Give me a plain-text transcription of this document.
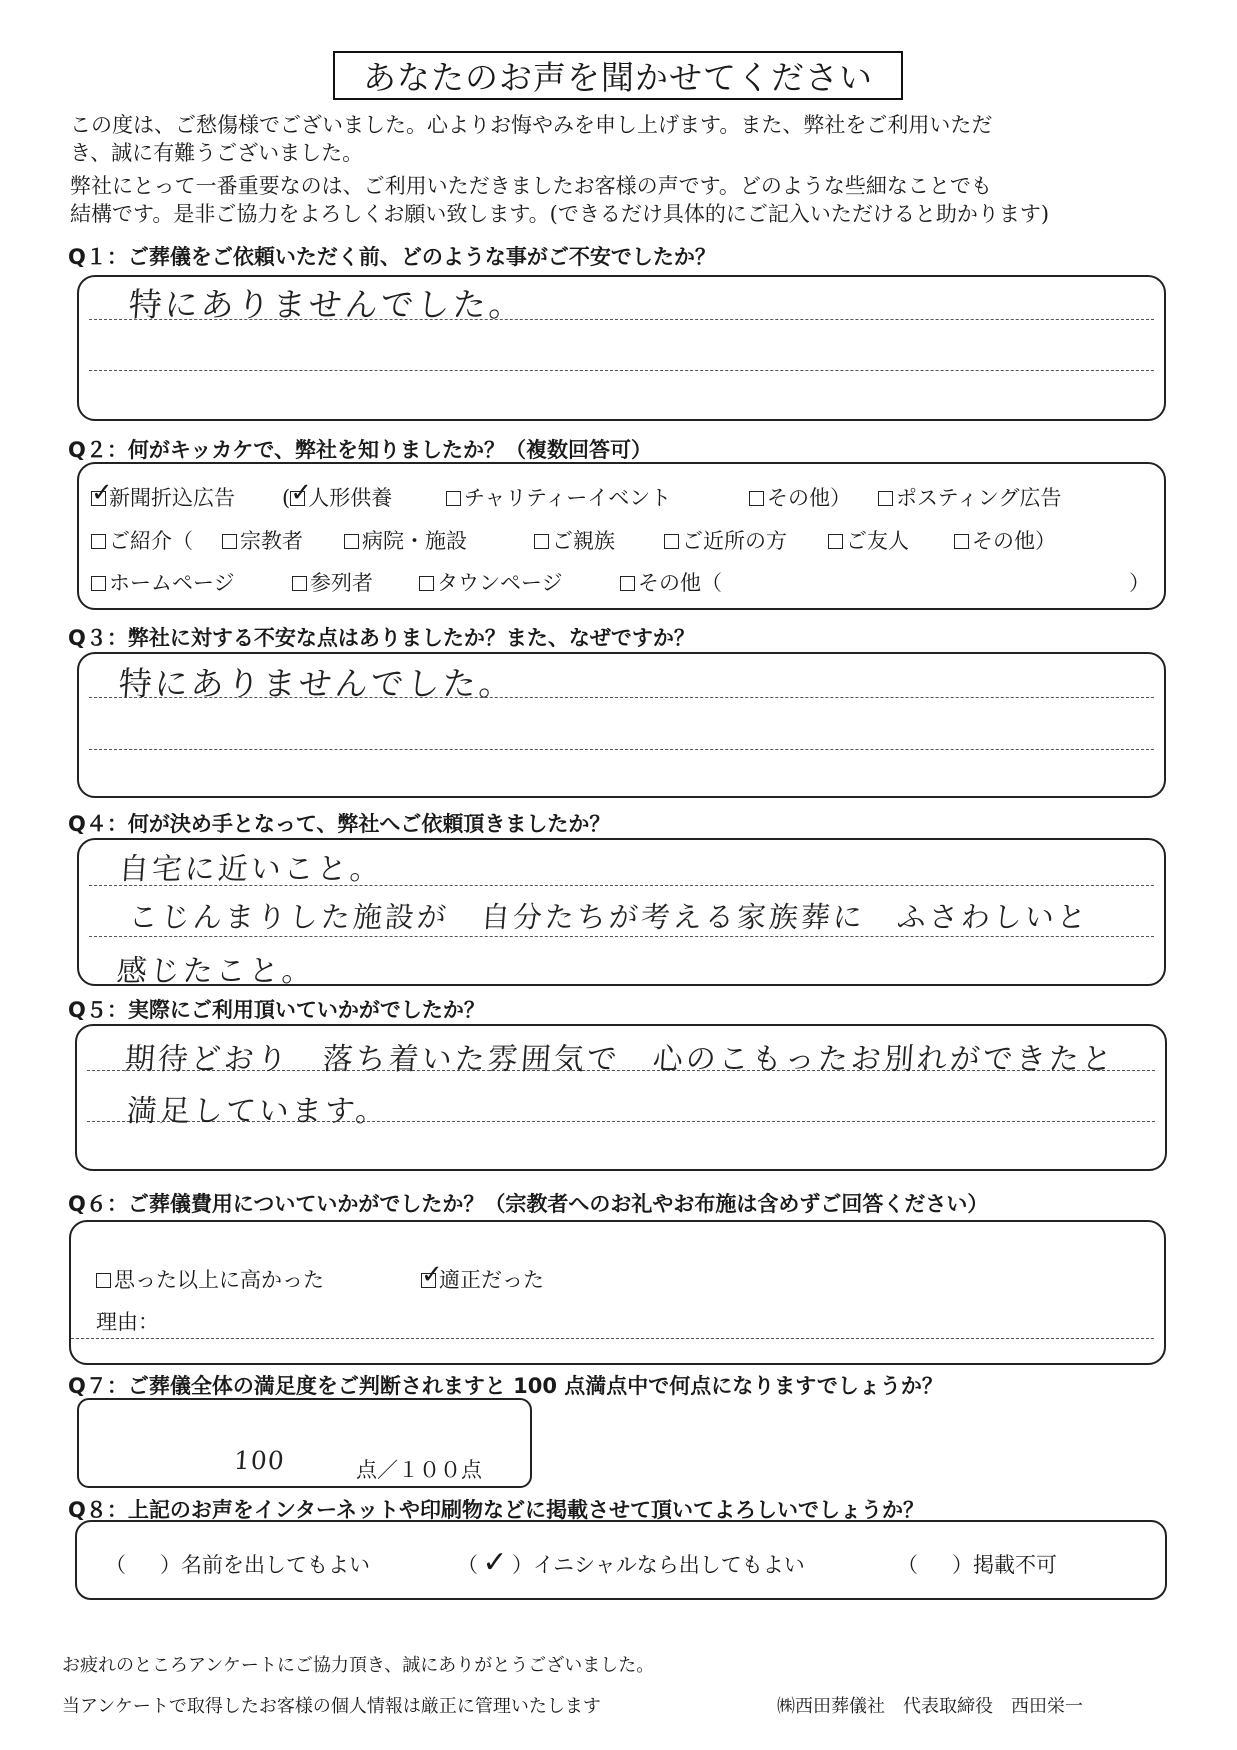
あなたのお声を聞かせてください
この度は、ご愁傷様でございました。心よりお悔やみを申し上げます。また、弊社をご利用いただ
き、誠に有難うございました。
弊社にとって一番重要なのは、ご利用いただきましたお客様の声です。どのような些細なことでも
結構です。是非ご協力をよろしくお願い致します。(できるだけ具体的にご記入いただけると助かります)
Q１：ご葬儀をご依頼いただく前、どのような事がご不安でしたか？
特にありませんでした。
Q２：何がキッカケで、弊社を知りましたか？（複数回答可）
✓
新聞折込広告 ( ✓
人形供養	チャリティーイベント	その他）	ポスティング広告
ご紹介（	宗教者	病院・施設	ご親族	ご近所の方	ご友人	その他）
ホームページ	参列者	タウンページ	その他（	）
Q３：弊社に対する不安な点はありましたか？また、なぜですか？
特にありませんでした。
Q４：何が決め手となって、弊社へご依頼頂きましたか？
自宅に近いこと。
こじんまりした施設が　自分たちが考える家族葬に　ふさわしいと
感じたこと。
Q５：実際にご利用頂いていかがでしたか？
期待どおり　落ち着いた雰囲気で　心のこもったお別れができたと
満足しています。
Q６：ご葬儀費用についていかがでしたか？（宗教者へのお礼やお布施は含めずご回答ください）
思った以上に高かった	✓
適正だった
理由：
Q７：ご葬儀全体の満足度をご判断されますと 100 点満点中で何点になりますでしょうか？
100	点／１００点
Q８：上記のお声をインターネットや印刷物などに掲載させて頂いてよろしいでしょうか？
（ ）名前を出してもよい	（ ✓ ）イニシャルなら出してもよい	（ ）掲載不可
お疲れのところアンケートにご協力頂き、誠にありがとうございました。
当アンケートで取得したお客様の個人情報は厳正に管理いたします	㈱西田葬儀社　代表取締役　西田栄一
